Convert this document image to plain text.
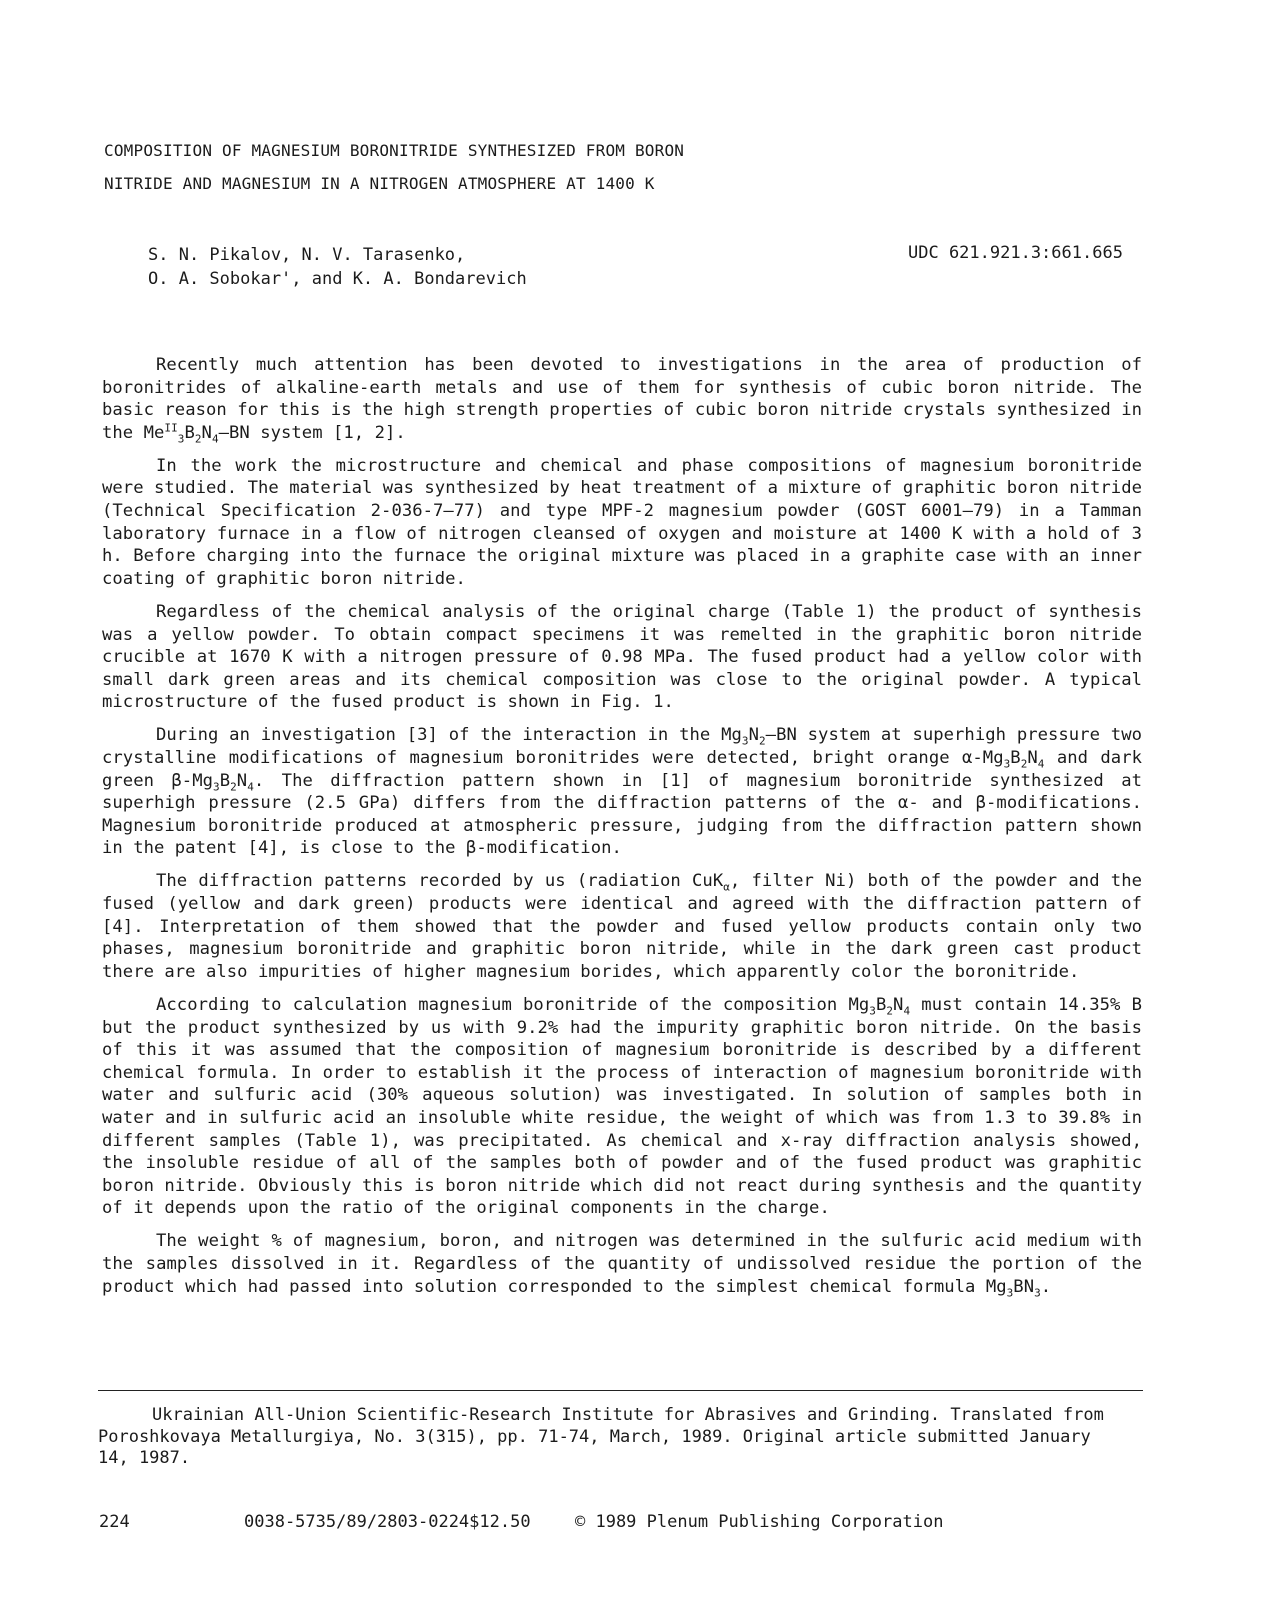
COMPOSITION OF MAGNESIUM BORONITRIDE SYNTHESIZED FROM BORON
NITRIDE AND MAGNESIUM IN A NITROGEN ATMOSPHERE AT 1400 K
S. N. Pikalov, N. V. Tarasenko,
O. A. Sobokar', and K. A. Bondarevich
UDC 621.921.3:661.665

Recently much attention has been devoted to investigations in the area of production of boronitrides of alkaline-earth metals and use of them for synthesis of cubic boron nitride. The basic reason for this is the high strength properties of cubic boron nitride crystals synthesized in the $Me^{II}_3B_2N_4-BN$ system [1, 2].

In the work the microstructure and chemical and phase compositions of magnesium boronitride were studied. The material was synthesized by heat treatment of a mixture of graphitic boron nitride (Technical Specification 2-036-7–77) and type MPF-2 magnesium powder (GOST 6001–79) in a Tamman laboratory furnace in a flow of nitrogen cleansed of oxygen and moisture at 1400 K with a hold of 3 h. Before charging into the furnace the original mixture was placed in a graphite case with an inner coating of graphitic boron nitride.

Regardless of the chemical analysis of the original charge (Table 1) the product of synthesis was a yellow powder. To obtain compact specimens it was remelted in the graphitic boron nitride crucible at 1670 K with a nitrogen pressure of 0.98 MPa. The fused product had a yellow color with small dark green areas and its chemical composition was close to the original powder. A typical microstructure of the fused product is shown in Fig. 1.

During an investigation [3] of the interaction in the $Mg_3N_2-BN$ system at superhigh pressure two crystalline modifications of magnesium boronitrides were detected, bright orange $\alpha-Mg_3B_2N_4$ and dark green $\beta-Mg_3B_2N_4$. The diffraction pattern shown in [1] of magnesium boronitride synthesized at superhigh pressure (2.5 GPa) differs from the diffraction patterns of the α- and β-modifications. Magnesium boronitride produced at atmospheric pressure, judging from the diffraction pattern shown in the patent [4], is close to the β-modification.

The diffraction patterns recorded by us (radiation CuK$_\alpha$, filter Ni) both of the powder and the fused (yellow and dark green) products were identical and agreed with the diffraction pattern of [4]. Interpretation of them showed that the powder and fused yellow products contain only two phases, magnesium boronitride and graphitic boron nitride, while in the dark green cast product there are also impurities of higher magnesium borides, which apparently color the boronitride.

According to calculation magnesium boronitride of the composition $Mg_3B_2N_4$ must contain 14.35% B but the product synthesized by us with 9.2% had the impurity graphitic boron nitride. On the basis of this it was assumed that the composition of magnesium boronitride is described by a different chemical formula. In order to establish it the process of interaction of magnesium boronitride with water and sulfuric acid (30% aqueous solution) was investigated. In solution of samples both in water and in sulfuric acid an insoluble white residue, the weight of which was from 1.3 to 39.8% in different samples (Table 1), was precipitated. As chemical and x-ray diffraction analysis showed, the insoluble residue of all of the samples both of powder and of the fused product was graphitic boron nitride. Obviously this is boron nitride which did not react during synthesis and the quantity of it depends upon the ratio of the original components in the charge.

The weight % of magnesium, boron, and nitrogen was determined in the sulfuric acid medium with the samples dissolved in it. Regardless of the quantity of undissolved residue the portion of the product which had passed into solution corresponded to the simplest chemical formula $Mg_3BN_3$.

Ukrainian All-Union Scientific-Research Institute for Abrasives and Grinding. Translated from Poroshkovaya Metallurgiya, No. 3(315), pp. 71-74, March, 1989. Original article submitted January 14, 1987.
224	0038-5735/89/2803-0224$12.50	© 1989 Plenum Publishing Corporation
